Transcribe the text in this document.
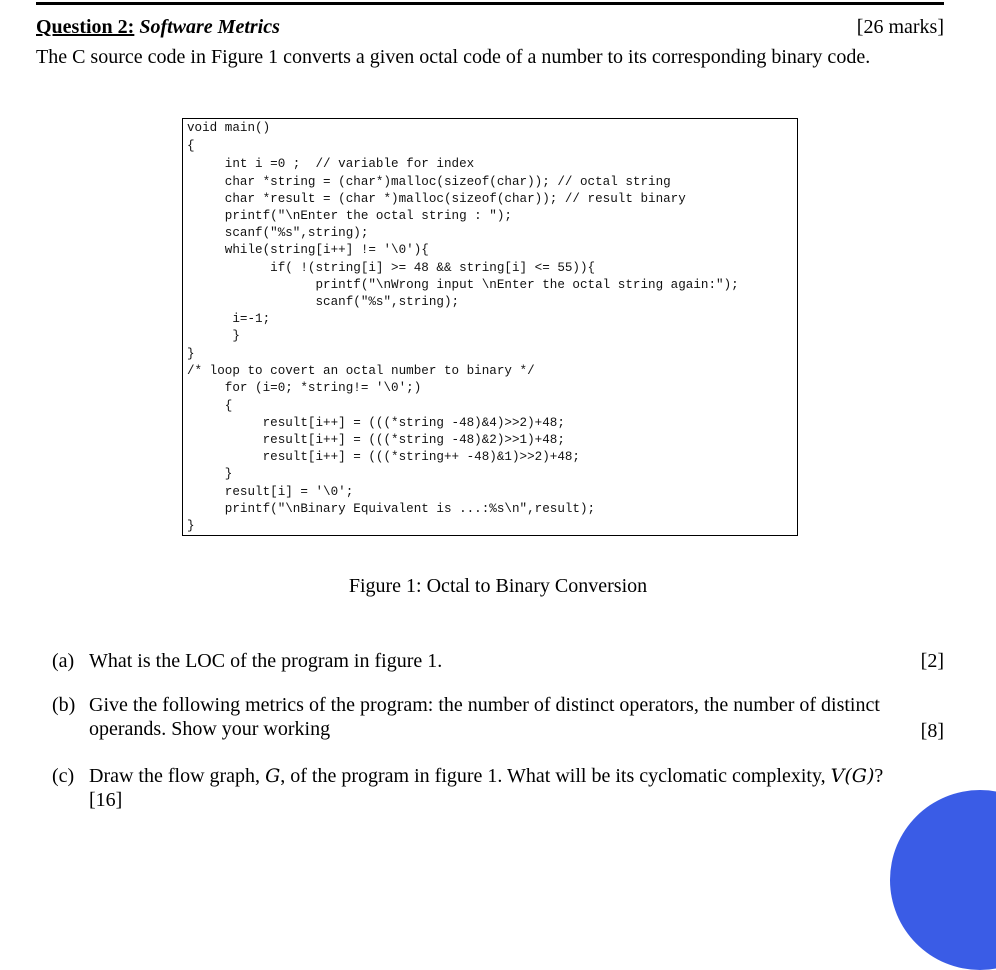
Question 2: Software Metrics	[26 marks]
The C source code in Figure 1 converts a given octal code of a number to its corresponding binary code.
void main()
{
int i =0 ;  // variable for index
char *string = (char*)malloc(sizeof(char)); // octal string
char *result = (char *)malloc(sizeof(char)); // result binary
printf("\nEnter the octal string : ");
scanf("%s",string);
while(string[i++] != '\0'){
if( !(string[i] >= 48 && string[i] <= 55)){
printf("\nWrong input \nEnter the octal string again:");
scanf("%s",string);
i=-1;
}
}
/* loop to covert an octal number to binary */
for (i=0; *string!= '\0';)
{
result[i++] = (((*string -48)&4)>>2)+48;
result[i++] = (((*string -48)&2)>>1)+48;
result[i++] = (((*string++ -48)&1)>>2)+48;
}
result[i] = '\0';
printf("\nBinary Equivalent is ...:%s\n",result);
}
Figure 1: Octal to Binary Conversion
(a) What is the LOC of the program in figure 1.	[2]
(b) Give the following metrics of the program: the number of distinct operators, the number of distinct
operands. Show your working	[8]
(c) Draw the flow graph, G, of the program in figure 1. What will be its cyclomatic complexity, V(G)?
[16]
